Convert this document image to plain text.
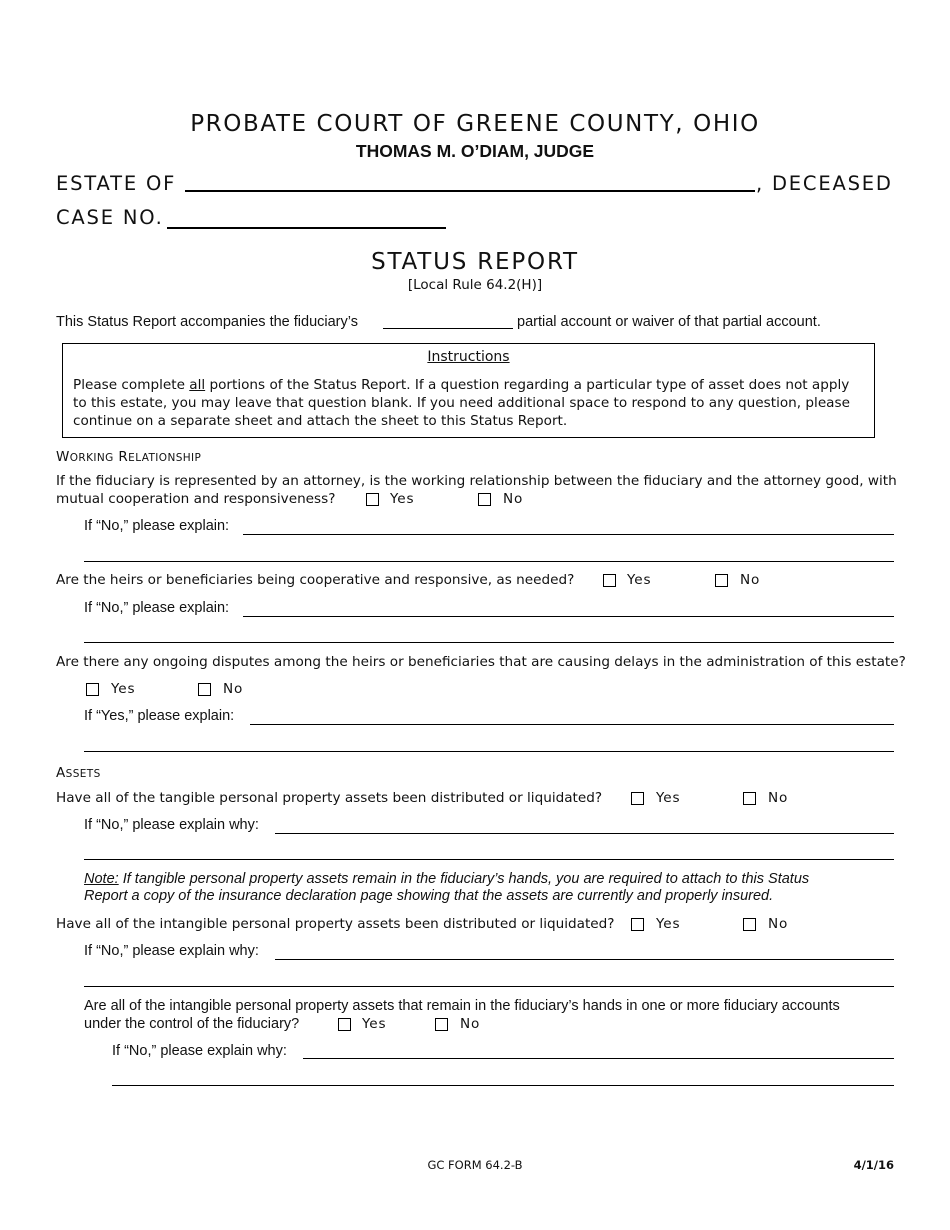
PROBATE COURT OF GREENE COUNTY, OHIO
THOMAS M. O’DIAM, JUDGE
ESTATE OF	, DECEASED
CASE NO.
STATUS REPORT
[Local Rule 64.2(H)]
This Status Report accompanies the fiduciary’s	partial account or waiver of that partial account.
Instructions
Please complete all portions of the Status Report. If a question regarding a particular type of asset does not apply
to this estate, you may leave that question blank. If you need additional space to respond to any question, please
continue on a separate sheet and attach the sheet to this Status Report.
WORKING RELATIONSHIP
If the fiduciary is represented by an attorney, is the working relationship between the fiduciary and the attorney good, with
mutual cooperation and responsiveness?	Yes	No
If “No,” please explain:
Are the heirs or beneficiaries being cooperative and responsive, as needed?	Yes	No
If “No,” please explain:
Are there any ongoing disputes among the heirs or beneficiaries that are causing delays in the administration of this estate?
Yes	No
If “Yes,” please explain:
ASSETS
Have all of the tangible personal property assets been distributed or liquidated?	Yes	No
If “No,” please explain why:
Note: If tangible personal property assets remain in the fiduciary’s hands, you are required to attach to this Status
Report a copy of the insurance declaration page showing that the assets are currently and properly insured.
Have all of the intangible personal property assets been distributed or liquidated?	Yes	No
If “No,” please explain why:
Are all of the intangible personal property assets that remain in the fiduciary’s hands in one or more fiduciary accounts
under the control of the fiduciary?	Yes	No
If “No,” please explain why:
GC FORM 64.2-B	4/1/16
